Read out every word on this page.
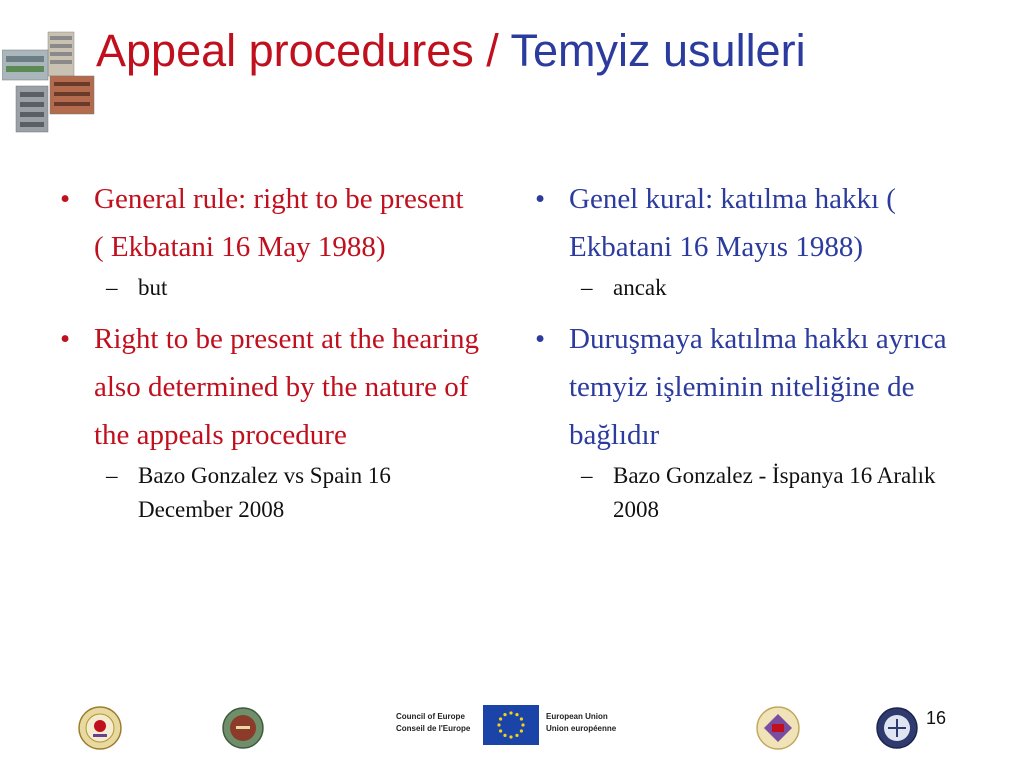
Appeal procedures / Temyiz usulleri
• General rule: right to be present ( Ekbatani 16 May 1988)
– but
• Right to be present at the hearing also determined by the nature of the appeals procedure
– Bazo Gonzalez vs Spain 16 December 2008
• Genel kural: katılma hakkı ( Ekbatani 16 Mayıs 1988)
– ancak
• Duruşmaya katılma hakkı ayrıca temyiz işleminin niteliğine de bağlıdır
– Bazo Gonzalez - İspanya 16 Aralık 2008
Council of Europe
Conseil de l'Europe
European Union
Union européenne
16
